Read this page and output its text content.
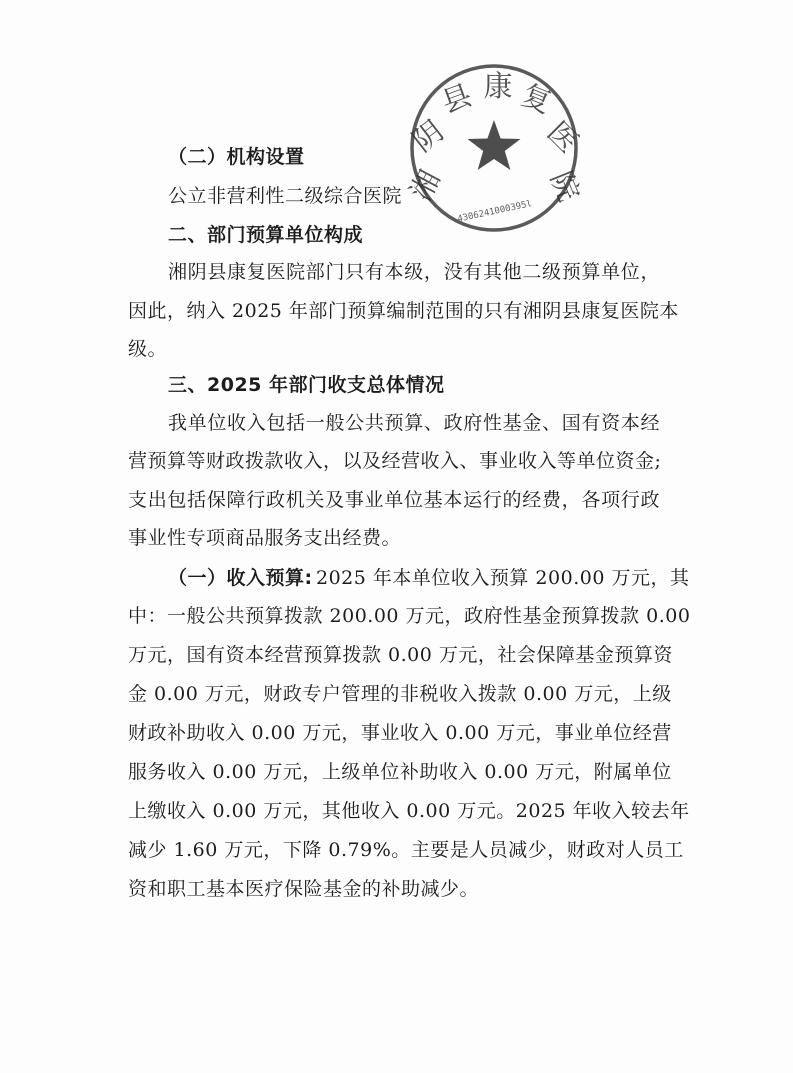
湘
阴
县 康 复
医
院
4306241000395l
（二）机构设置
公立非营利性二级综合医院
二、部门预算单位构成
湘阴县康复医院部门只有本级，没有其他二级预算单位，
因此，纳入 2025 年部门预算编制范围的只有湘阴县康复医院本
级。
三、2025 年部门收支总体情况
我单位收入包括一般公共预算、政府性基金、国有资本经
营预算等财政拨款收入，以及经营收入、事业收入等单位资金;
支出包括保障行政机关及事业单位基本运行的经费，各项行政
事业性专项商品服务支出经费。
（一）收入预算: 2025 年本单位收入预算 200.00 万元，其
中：一般公共预算拨款 200.00 万元，政府性基金预算拨款 0.00
万元，国有资本经营预算拨款 0.00 万元，社会保障基金预算资
金 0.00 万元，财政专户管理的非税收入拨款 0.00 万元，上级
财政补助收入 0.00 万元，事业收入 0.00 万元，事业单位经营
服务收入 0.00 万元，上级单位补助收入 0.00 万元，附属单位
上缴收入 0.00 万元，其他收入 0.00 万元。2025 年收入较去年
减少 1.60 万元，下降 0.79%。主要是人员减少，财政对人员工
资和职工基本医疗保险基金的补助减少。
